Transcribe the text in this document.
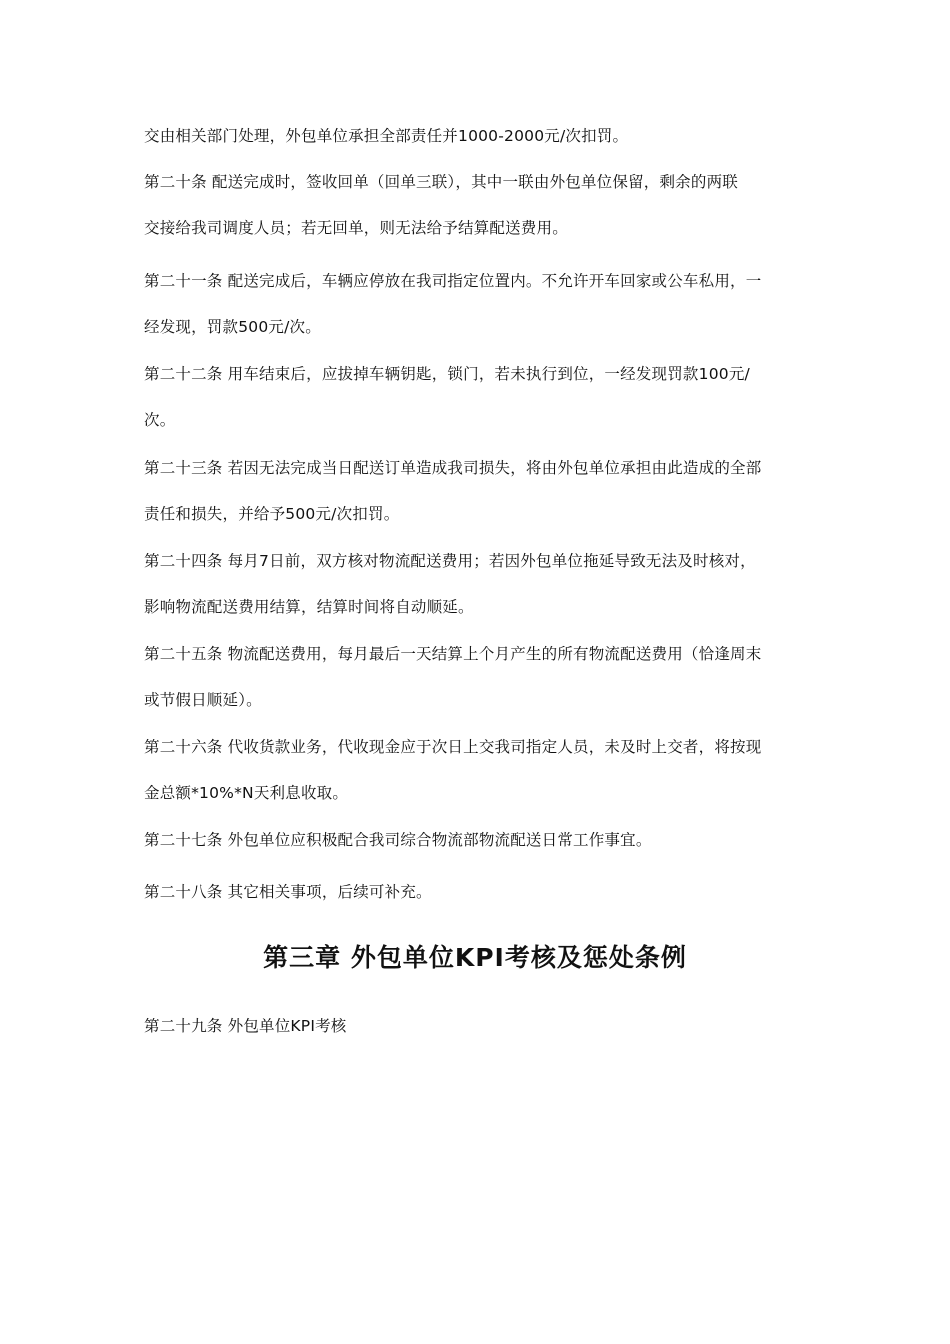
交由相关部门处理，外包单位承担全部责任并1000-2000元/次扣罚。
第二十条 配送完成时，签收回单（回单三联），其中一联由外包单位保留，剩余的两联
交接给我司调度人员；若无回单，则无法给予结算配送费用。
第二十一条 配送完成后，车辆应停放在我司指定位置内。不允许开车回家或公车私用，一
经发现，罚款500元/次。
第二十二条 用车结束后，应拔掉车辆钥匙，锁门，若未执行到位，一经发现罚款100元/
次。
第二十三条 若因无法完成当日配送订单造成我司损失，将由外包单位承担由此造成的全部
责任和损失，并给予500元/次扣罚。
第二十四条 每月7日前，双方核对物流配送费用；若因外包单位拖延导致无法及时核对，
影响物流配送费用结算，结算时间将自动顺延。
第二十五条 物流配送费用，每月最后一天结算上个月产生的所有物流配送费用（恰逢周末
或节假日顺延）。
第二十六条 代收货款业务，代收现金应于次日上交我司指定人员，未及时上交者，将按现
金总额*10%*N天利息收取。
第二十七条 外包单位应积极配合我司综合物流部物流配送日常工作事宜。
第二十八条 其它相关事项，后续可补充。
第三章 外包单位KPI考核及惩处条例
第二十九条 外包单位KPI考核
